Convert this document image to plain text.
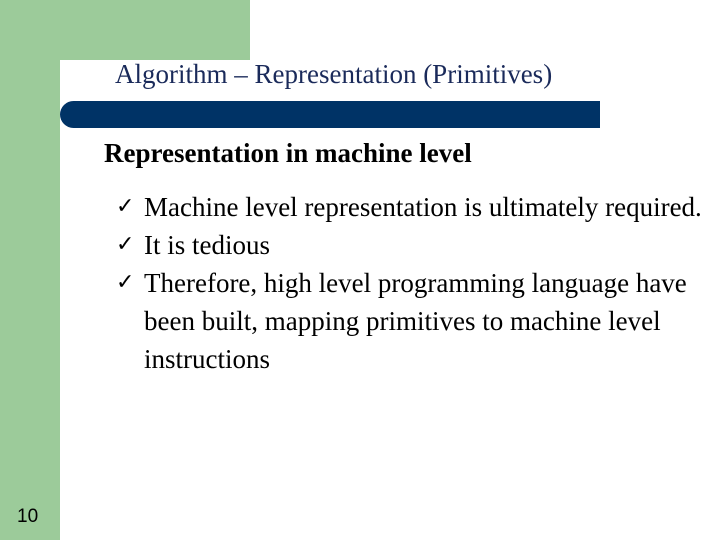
Algorithm – Representation (Primitives)
Representation in machine level
✓ Machine level representation is ultimately required.
✓ It is tedious
✓ Therefore, high level programming language have been built, mapping primitives to machine level instructions
10
